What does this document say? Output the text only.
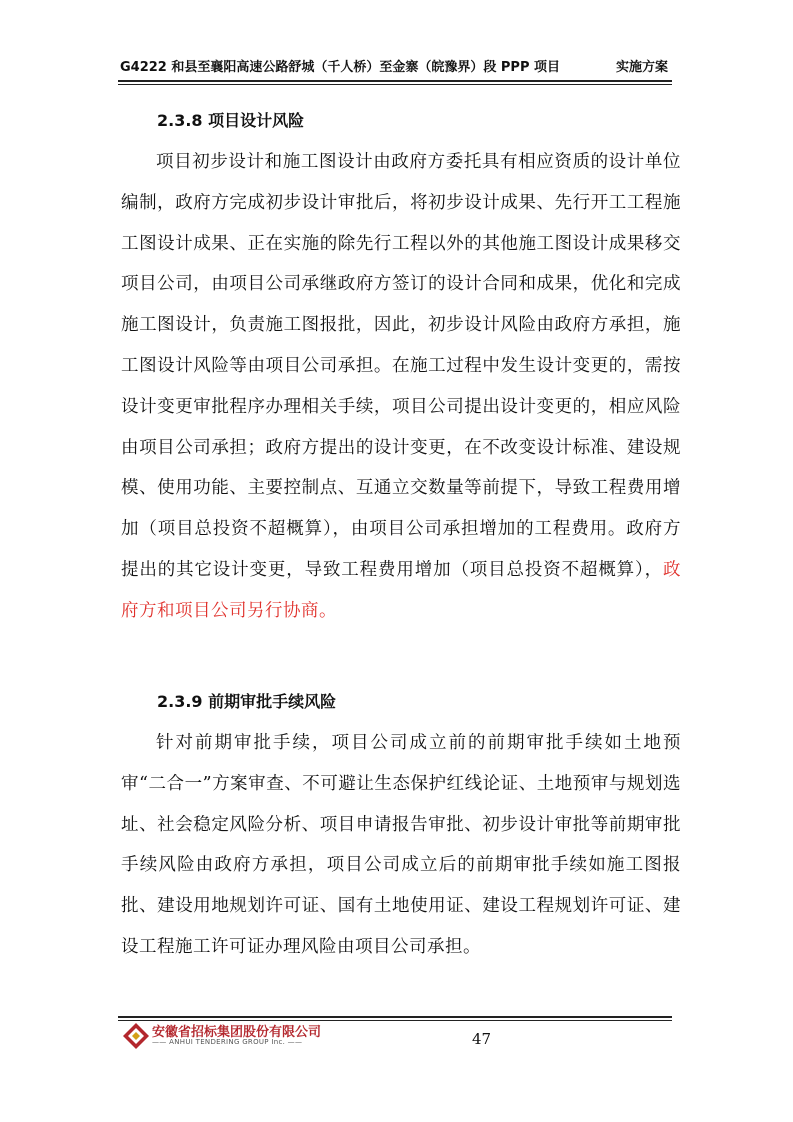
G4222 和县至襄阳高速公路舒城（千人桥）至金寨（皖豫界）段 PPP 项目	实施方案
2.3.8 项目设计风险

项目初步设计和施工图设计由政府方委托具有相应资质的设计单位编制，政府方完成初步设计审批后，将初步设计成果、先行开工工程施工图设计成果、正在实施的除先行工程以外的其他施工图设计成果移交项目公司，由项目公司承继政府方签订的设计合同和成果，优化和完成施工图设计，负责施工图报批，因此，初步设计风险由政府方承担，施工图设计风险等由项目公司承担。在施工过程中发生设计变更的，需按设计变更审批程序办理相关手续，项目公司提出设计变更的，相应风险由项目公司承担；政府方提出的设计变更，在不改变设计标准、建设规模、使用功能、主要控制点、互通立交数量等前提下，导致工程费用增加（项目总投资不超概算），由项目公司承担增加的工程费用。政府方提出的其它设计变更，导致工程费用增加（项目总投资不超概算），政府方和项目公司另行协商。

2.3.9 前期审批手续风险

针对前期审批手续，项目公司成立前的前期审批手续如土地预审“二合一”方案审查、不可避让生态保护红线论证、土地预审与规划选址、社会稳定风险分析、项目申请报告审批、初步设计审批等前期审批手续风险由政府方承担，项目公司成立后的前期审批手续如施工图报批、建设用地规划许可证、国有土地使用证、建设工程规划许可证、建设工程施工许可证办理风险由项目公司承担。

安徽省招标集团股份有限公司
—— ANHUI TENDERING GROUP Inc. ——	47
